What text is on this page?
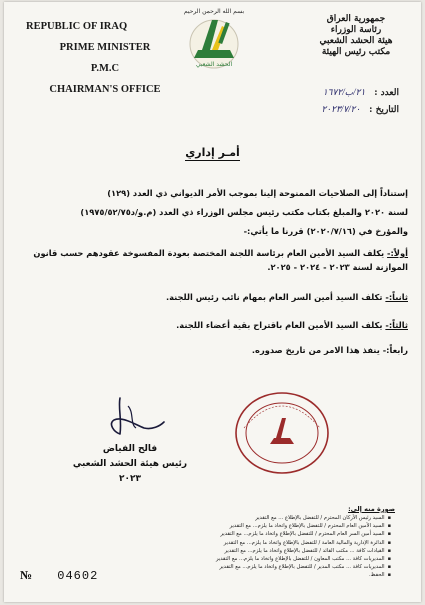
REPUBLIC OF IRAQ
PRIME MINISTER
P.M.C
CHAIRMAN'S OFFICE
بسم الله الرحمن الرحيم
الحشد الشعبي
جمهورية العراق
رئاسة الوزراء
هيئة الحشد الشعبي
مكتب رئيس الهيئة
العدد : ٢١/ب/١٦٧٢
التاريخ : ٢٠٢٣/٧/٢٠
أمـر إداري
إستناداً إلى الصلاحيات الممنوحة إلينا بموجب الأمر الديواني ذي العدد (١٢٩)
لسنة ٢٠٢٠ والمبلغ بكتاب مكتب رئيس مجلس الوزراء ذي العدد (م.و/د١٩٧٥/٥٢/٧٥)
والمؤرخ في (٢٠٢٠/٧/١٦) قررنا ما يأتي:-
أولاً:- يكلف السيد الأمين العام برئاسة اللجنة المختصة بعودة المفسوخة عقودهم حسب قانون الموازنة لسنة ٢٠٢٣ - ٢٠٢٤ - ٢٠٢٥.
ثانياً:- تكلف السيد أمين السر العام بمهام نائب رئيس اللجنة.
ثالثاً:- يكلف السيد الأمين العام باقتراح بقية أعضاء اللجنة.
رابعاً:- ينفذ هذا الامر من تاريخ صدوره.
فالح الفياض
رئيس هيئة الحشد الشعبي
٢٠٢٣
صورة منه إلى:
▪ السيد رئيس الأركان المحترم / للتفضل بالإطلاع ... مع التقدير
▪ السيد الأمين العام المحترم / للتفضل بالإطلاع واتخاذ ما يلزم... مع التقدير
▪ السيد أمين السر العام المحترم / للتفضل بالإطلاع واتخاذ ما يلزم... مع التقدير
▪ الدائرة الإدارية والمالية العامة / للتفضل بالإطلاع واتخاذ ما يلزم... مع التقدير
▪ القيادات كافة ... مكتب القائد / للتفضل بالإطلاع واتخاذ ما يلزم... مع التقدير
▪ المديريات كافة ... مكتب المعاون / للتفضل بالإطلاع واتخاذ ما يلزم... مع التقدير
▪ المديريات كافة ... مكتب المدير / للتفضل بالإطلاع واتخاذ ما يلزم... مع التقدير
▪ الحفظ.
№ 04602
